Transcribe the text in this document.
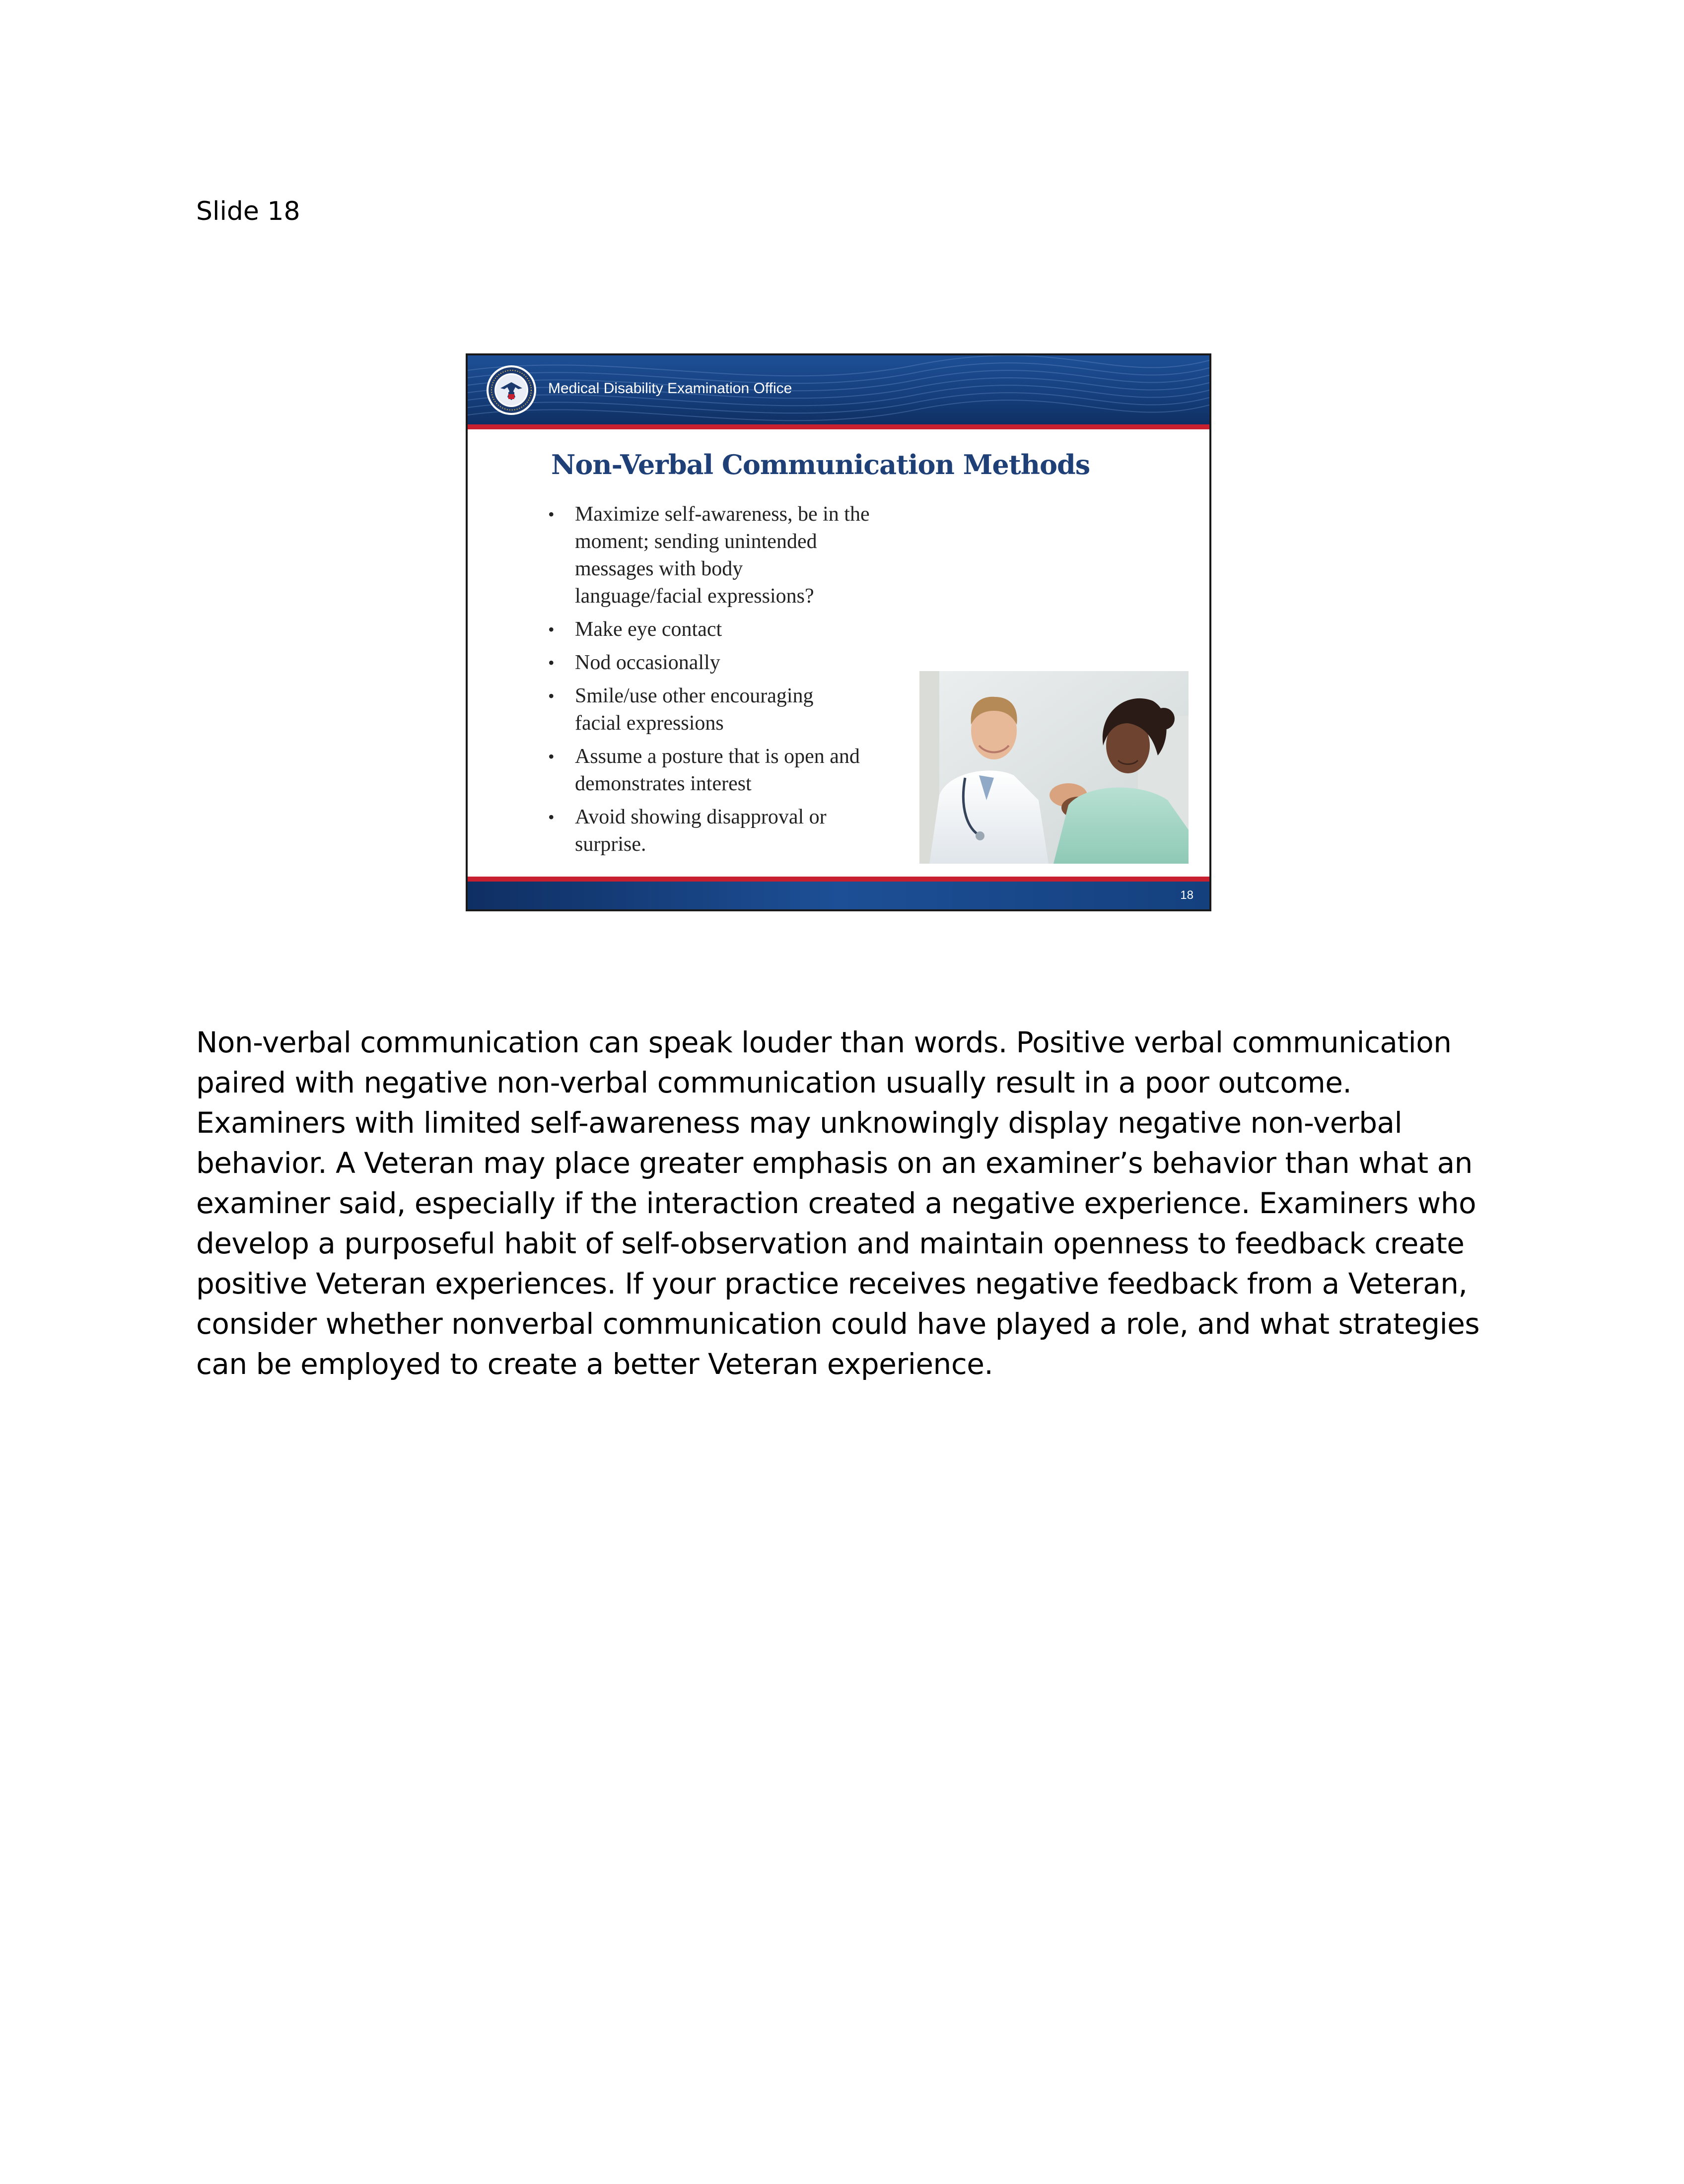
Slide 18
Medical Disability Examination Office
Non-Verbal Communication Methods
• Maximize self-awareness, be in the
moment; sending unintended
messages with body
language/facial expressions?
• Make eye contact
• Nod occasionally
• Smile/use other encouraging
facial expressions
• Assume a posture that is open and
demonstrates interest
• Avoid showing disapproval or
surprise.
18
Non-verbal communication can speak louder than words. Positive verbal communication paired with negative non-verbal communication usually result in a poor outcome. Examiners with limited self-awareness may unknowingly display negative non-verbal behavior. A Veteran may place greater emphasis on an examiner’s behavior than what an examiner said, especially if the interaction created a negative experience. Examiners who develop a purposeful habit of self-observation and maintain openness to feedback create positive Veteran experiences. If your practice receives negative feedback from a Veteran, consider whether nonverbal communication could have played a role, and what strategies can be employed to create a better Veteran experience.
